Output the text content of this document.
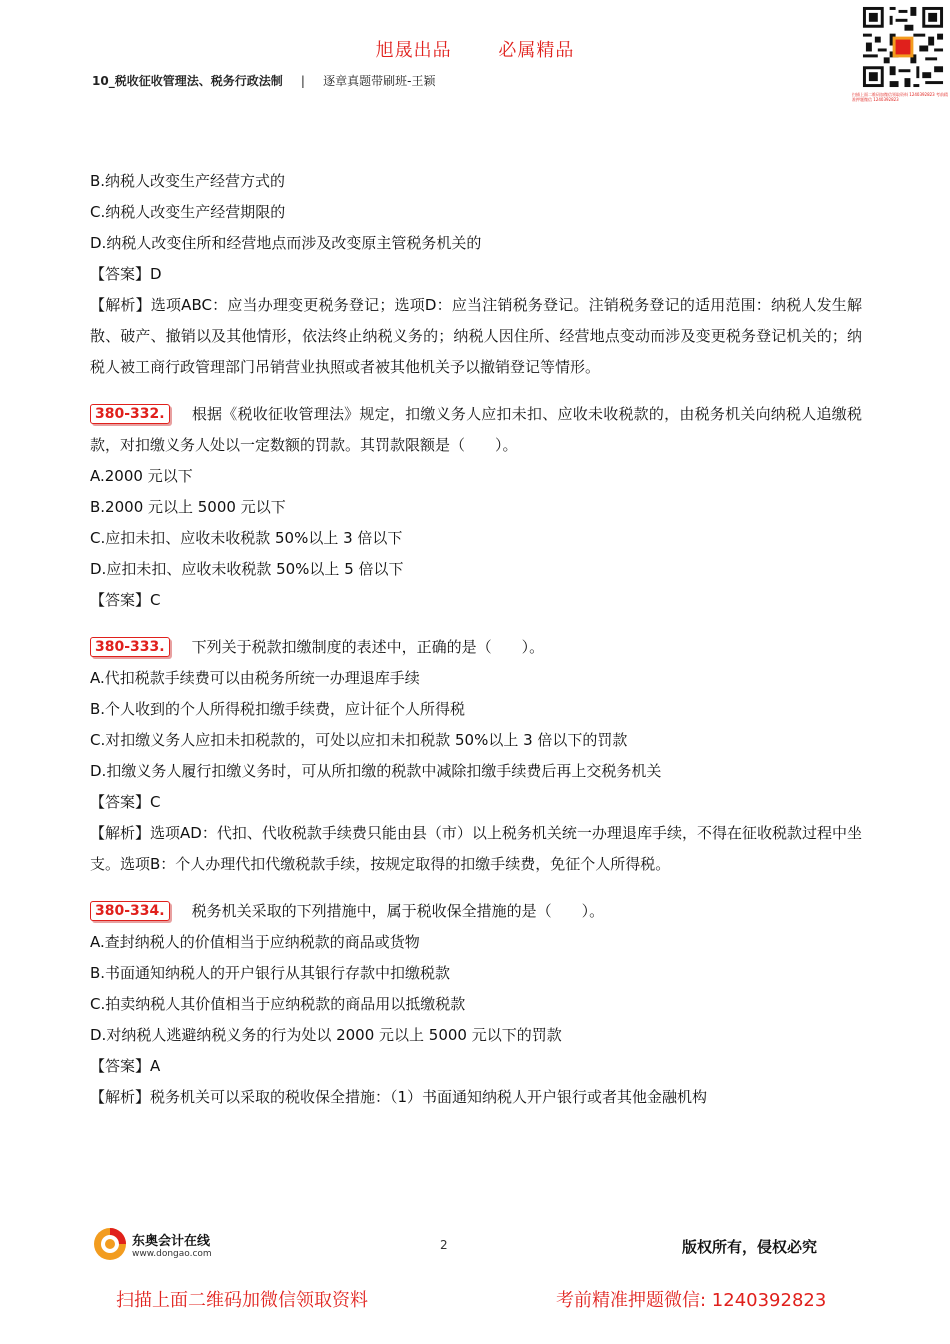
旭晟出品	必属精品
10_税收征收管理法、税务行政法制 | 逐章真题带刷班-王颖
扫描上面二维码加微信领取资料 1240392823 考前精准押题微信 1240392823

B.纳税人改变生产经营方式的

C.纳税人改变生产经营期限的

D.纳税人改变住所和经营地点而涉及改变原主管税务机关的

【答案】D

【解析】选项ABC：应当办理变更税务登记；选项D：应当注销税务登记。注销税务登记的适用范围：纳税人发生解散、破产、撤销以及其他情形，依法终止纳税义务的；纳税人因住所、经营地点变动而涉及变更税务登记机关的；纳税人被工商行政管理部门吊销营业执照或者被其他机关予以撤销登记等情形。

380-332. 根据《税收征收管理法》规定，扣缴义务人应扣未扣、应收未收税款的，由税务机关向纳税人追缴税款，对扣缴义务人处以一定数额的罚款。其罚款限额是（　　）。

A.2000 元以下

B.2000 元以上 5000 元以下

C.应扣未扣、应收未收税款 50%以上 3 倍以下

D.应扣未扣、应收未收税款 50%以上 5 倍以下

【答案】C

380-333. 下列关于税款扣缴制度的表述中，正确的是（　　）。

A.代扣税款手续费可以由税务所统一办理退库手续

B.个人收到的个人所得税扣缴手续费，应计征个人所得税

C.对扣缴义务人应扣未扣税款的，可处以应扣未扣税款 50%以上 3 倍以下的罚款

D.扣缴义务人履行扣缴义务时，可从所扣缴的税款中减除扣缴手续费后再上交税务机关

【答案】C

【解析】选项AD：代扣、代收税款手续费只能由县（市）以上税务机关统一办理退库手续，不得在征收税款过程中坐支。选项B：个人办理代扣代缴税款手续，按规定取得的扣缴手续费，免征个人所得税。

380-334. 税务机关采取的下列措施中，属于税收保全措施的是（　　）。

A.查封纳税人的价值相当于应纳税款的商品或货物

B.书面通知纳税人的开户银行从其银行存款中扣缴税款

C.拍卖纳税人其价值相当于应纳税款的商品用以抵缴税款

D.对纳税人逃避纳税义务的行为处以 2000 元以上 5000 元以下的罚款

【答案】A

【解析】税务机关可以采取的税收保全措施：（1）书面通知纳税人开户银行或者其他金融机构

东奥会计在线
www.dongao.com
2	版权所有，侵权必究
扫描上面二维码加微信领取资料	考前精准押题微信: 1240392823
